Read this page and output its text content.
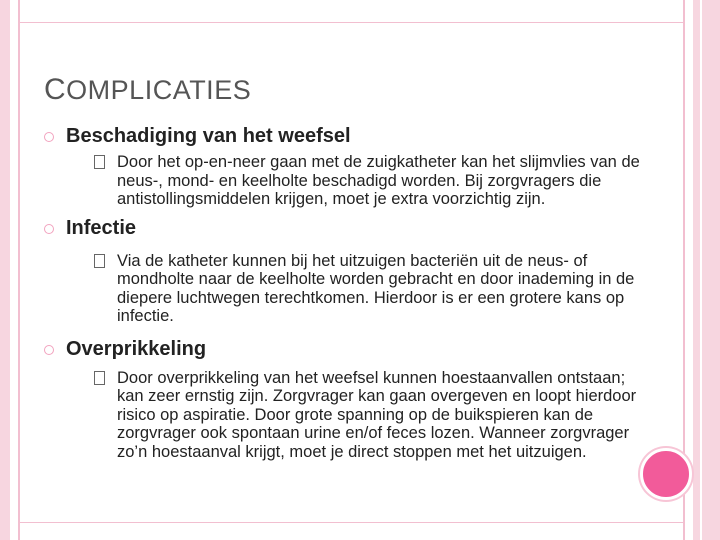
COMPLICATIES
Beschadiging van het weefsel
Door het op-en-neer gaan met de zuigkatheter kan het slijmvlies van de neus-, mond- en keelholte beschadigd worden. Bij zorgvragers die antistollingsmiddelen krijgen, moet je extra voorzichtig zijn.
Infectie
Via de katheter kunnen bij het uitzuigen bacteriën uit de neus- of mondholte naar de keelholte worden gebracht en door inademing in de diepere luchtwegen terechtkomen. Hierdoor is er een grotere kans op infectie.
Overprikkeling
Door overprikkeling van het weefsel kunnen hoestaanvallen ontstaan; kan zeer ernstig zijn. Zorgvrager kan gaan overgeven en loopt hierdoor risico op aspiratie. Door grote spanning op de buikspieren kan de zorgvrager ook spontaan urine en/of feces lozen. Wanneer zorgvrager zo’n hoestaanval krijgt, moet je direct stoppen met het uitzuigen.
